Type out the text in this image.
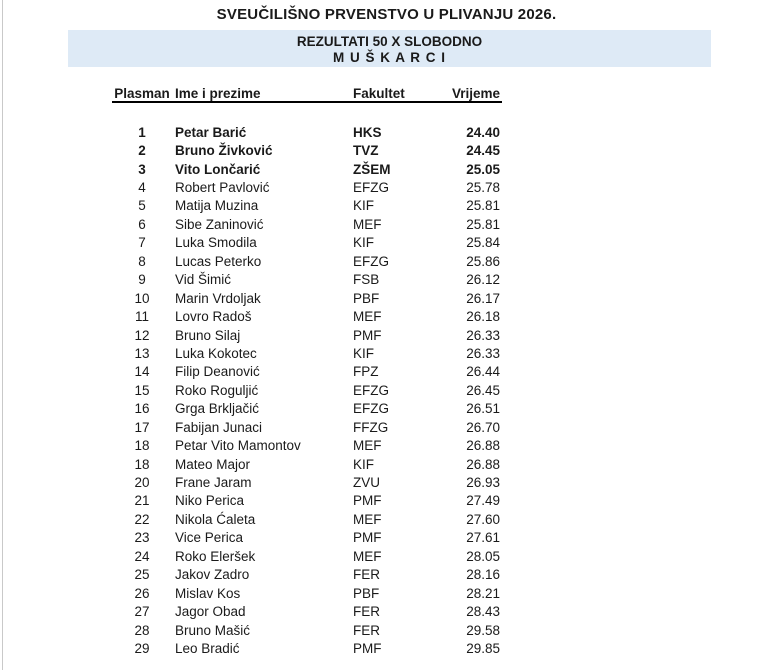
SVEUČILIŠNO PRVENSTVO U PLIVANJU 2026.
REZULTATI 50 X SLOBODNO
M U Š K A R C I
Plasman	Ime i prezime	Fakultet	Vrijeme

1	Petar Barić	HKS	24.40
2	Bruno Živković	TVZ	24.45
3	Vito Lončarić	ZŠEM	25.05
4	Robert Pavlović	EFZG	25.78
5	Matija Muzina	KIF	25.81
6	Sibe Zaninović	MEF	25.81
7	Luka Smodila	KIF	25.84
8	Lucas Peterko	EFZG	25.86
9	Vid Šimić	FSB	26.12
10	Marin Vrdoljak	PBF	26.17
11	Lovro Radoš	MEF	26.18
12	Bruno Silaj	PMF	26.33
13	Luka Kokotec	KIF	26.33
14	Filip Deanović	FPZ	26.44
15	Roko Roguljić	EFZG	26.45
16	Grga Brkljačić	EFZG	26.51
17	Fabijan Junaci	FFZG	26.70
18	Petar Vito Mamontov	MEF	26.88
18	Mateo Major	KIF	26.88
20	Frane Jaram	ZVU	26.93
21	Niko Perica	PMF	27.49
22	Nikola Ćaleta	MEF	27.60
23	Vice Perica	PMF	27.61
24	Roko Eleršek	MEF	28.05
25	Jakov Zadro	FER	28.16
26	Mislav Kos	PBF	28.21
27	Jagor Obad	FER	28.43
28	Bruno Mašić	FER	29.58
29	Leo Bradić	PMF	29.85
